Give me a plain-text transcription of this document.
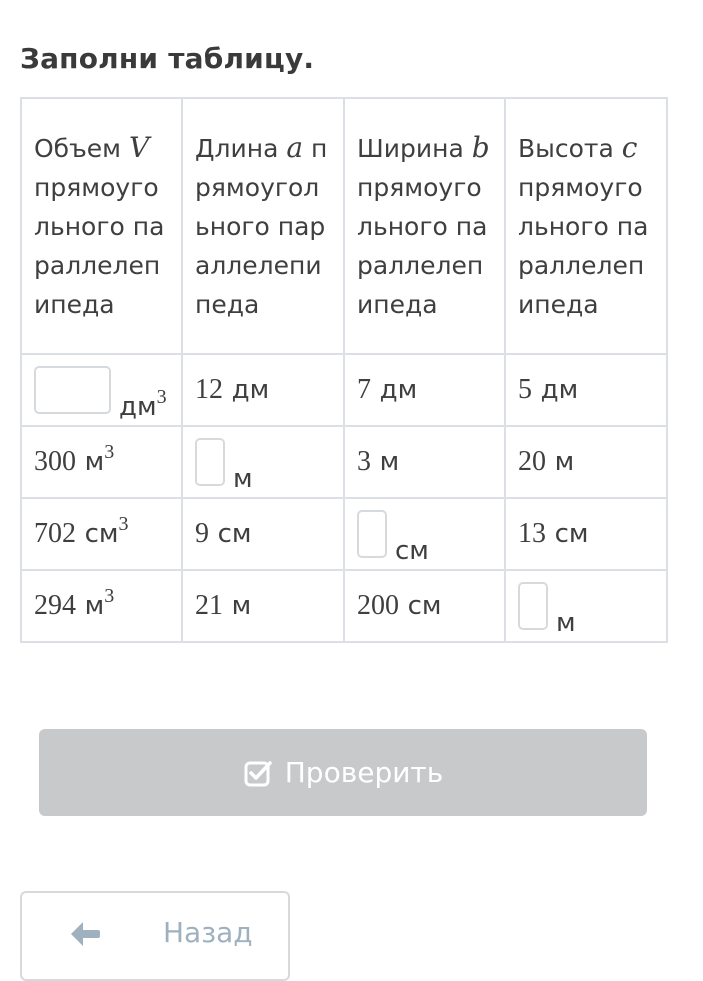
Заполни таблицу.
Объем V прямоугольного параллелепипеда	Длина a прямоугольного параллелепипеда	Ширина b прямоугольного параллелепипеда	Высота c прямоугольного параллелепипеда

$дм^3$	12 дм	7 дм	5 дм
300 $м^3$	м	3 м	20 м
702 $см^3$	9 см	см	13 см
294 $м^3$	21 м	200 см	м
Проверить
Назад
